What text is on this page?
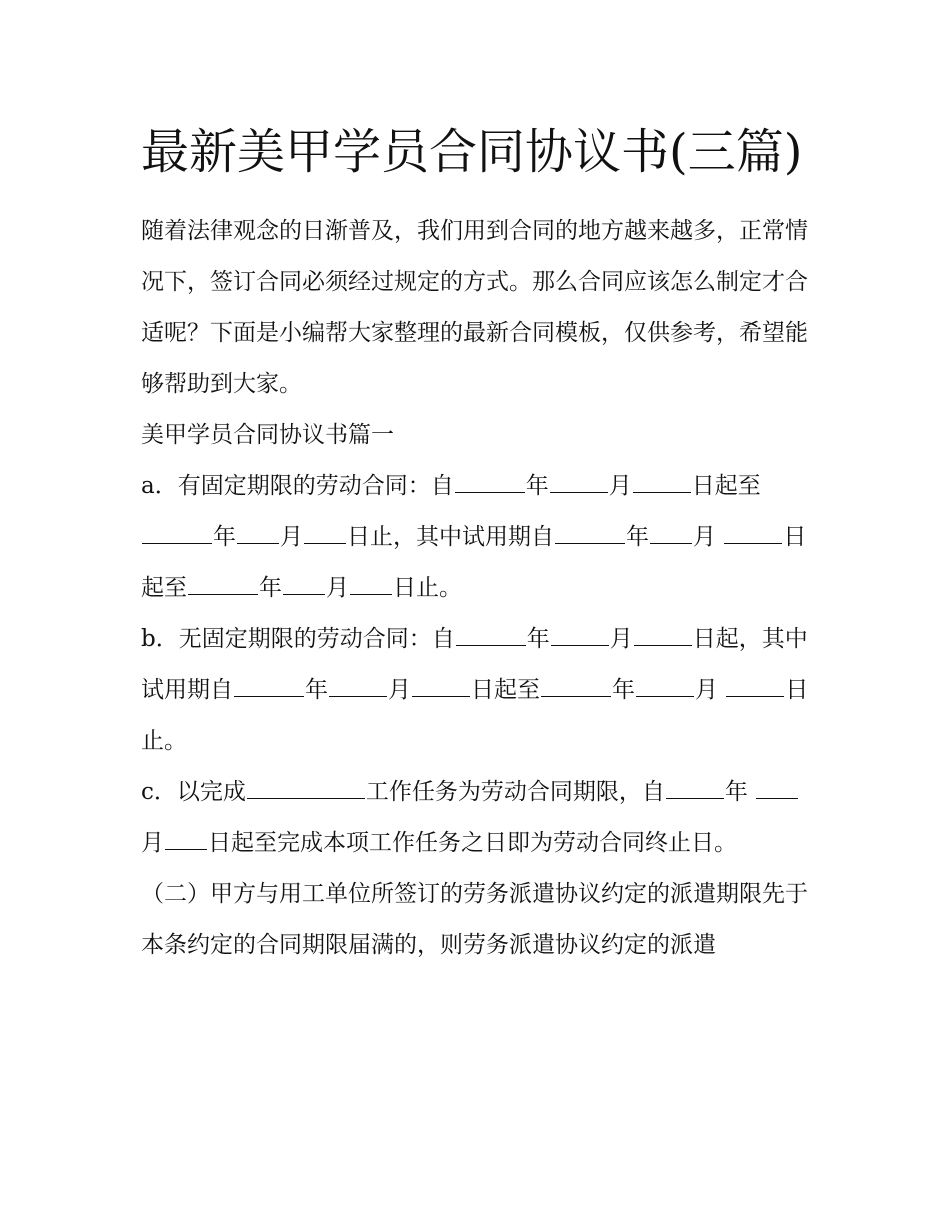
最新美甲学员合同协议书(三篇)

随着法律观念的日渐普及，我们用到合同的地方越来越多，正常情况下，签订合同必须经过规定的方式。那么合同应该怎么制定才合适呢？下面是小编帮大家整理的最新合同模板，仅供参考，希望能够帮助到大家。

美甲学员合同协议书篇一

a．有固定期限的劳动合同：自	年	月	日起至年 月 日止，其中试用期自	年 月	日起至	年 月 日止。

b．无固定期限的劳动合同：自	年	月	日起，其中试用期自	年	月	日起至	年	月	日止。

c．以完成	工作任务为劳动合同期限，自	年 月 日起至完成本项工作任务之日即为劳动合同终止日。

（二）甲方与用工单位所签订的劳务派遣协议约定的派遣期限先于本条约定的合同期限届满的，则劳务派遣协议约定的派遣
